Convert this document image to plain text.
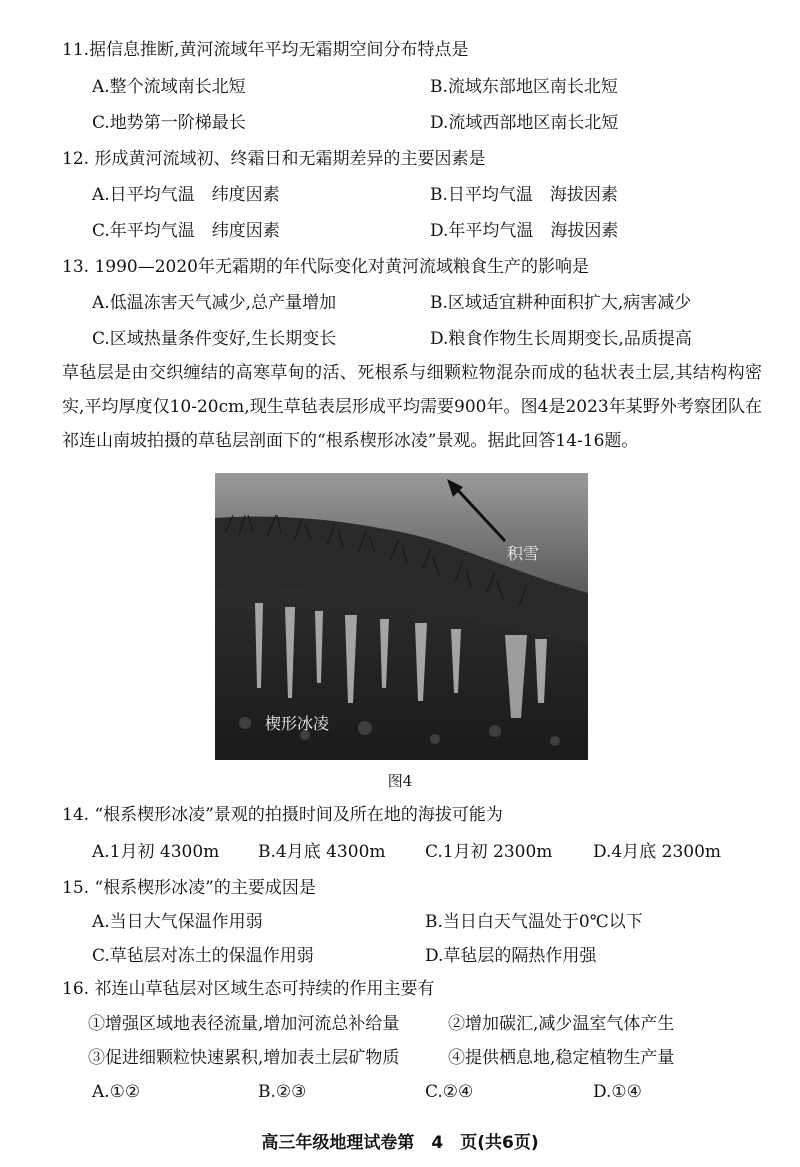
11.据信息推断,黄河流域年平均无霜期空间分布特点是
A.整个流域南长北短	B.流域东部地区南长北短
C.地势第一阶梯最长	D.流域西部地区南长北短
12. 形成黄河流域初、终霜日和无霜期差异的主要因素是
A.日平均气温　纬度因素	B.日平均气温　海拔因素
C.年平均气温　纬度因素	D.年平均气温　海拔因素
13. 1990—2020年无霜期的年代际变化对黄河流域粮食生产的影响是
A.低温冻害天气减少,总产量增加	B.区域适宜耕种面积扩大,病害减少
C.区域热量条件变好,生长期变长	D.粮食作物生长周期变长,品质提高
草毡层是由交织缠结的高寒草甸的活、死根系与细颗粒物混杂而成的毡状表土层,其结构构密实,平均厚度仅10-20cm,现生草毡表层形成平均需要900年。图4是2023年某野外考察团队在祁连山南坡拍摄的草毡层剖面下的“根系楔形冰凌”景观。据此回答14-16题。
积雪
楔形冰凌
图4
14. “根系楔形冰凌”景观的拍摄时间及所在地的海拔可能为
A.1月初 4300m B.4月底 4300m C.1月初 2300m D.4月底 2300m
15. “根系楔形冰凌”的主要成因是
A.当日大气保温作用弱	B.当日白天气温处于0℃以下
C.草毡层对冻土的保温作用弱	D.草毡层的隔热作用强
16. 祁连山草毡层对区域生态可持续的作用主要有
①增强区域地表径流量,增加河流总补给量	②增加碳汇,减少温室气体产生
③促进细颗粒快速累积,增加表土层矿物质	④提供栖息地,稳定植物生产量
A.①②	B.②③	C.②④	D.①④
高三年级地理试卷第　4　页(共6页)
